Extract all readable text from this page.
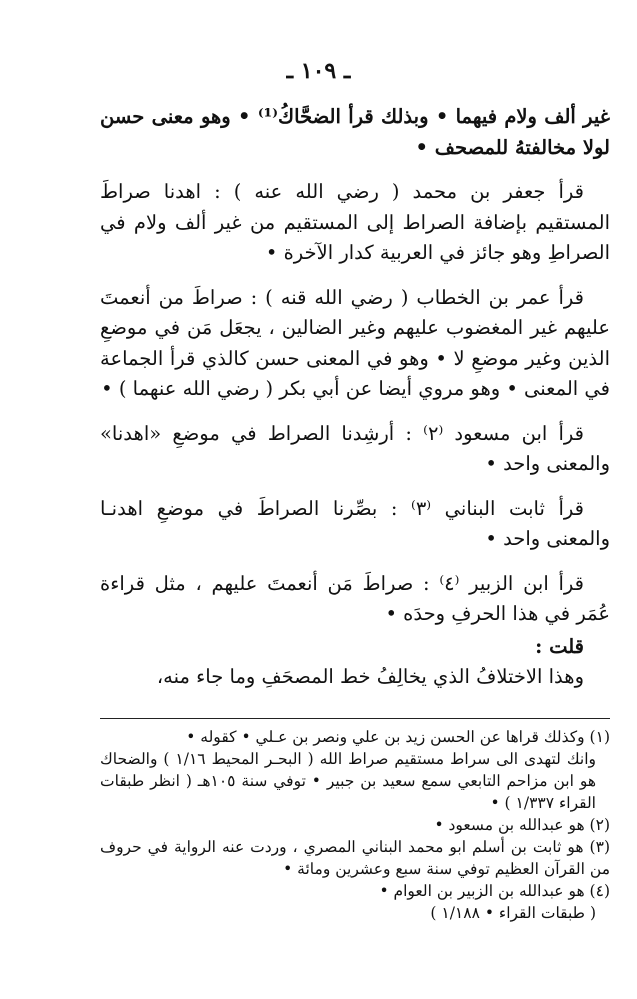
ـ ١٠٩ ـ

غير ألف ولام فيهما • وبذلك قرأ الضحَّاكُ⁽¹⁾ • وهو معنى حسن لولا مخالفتهُ للمصحف •

قرأ جعفر بن محمد ( رضي الله عنه ) : اهدنا صراطَ المستقيم بإضافة الصراط إلى المستقيم من غير ألف ولام في الصراطِ وهو جائز في العربية كدار الآخرة •

قرأ عمر بن الخطاب ( رضي الله قنه ) : صراطَ من أنعمتَ عليهم غير المغضوب عليهم وغير الضالين ، يجعَل مَن في موضعِ الذين وغير موضعِ لا • وهو في المعنى حسن كالذي قرأ الجماعة في المعنى • وهو مروي أيضا عن أبي بكر ( رضي الله عنهما ) •

قرأ ابن مسعود ⁽٢⁾ : أرشِدنا الصراط في موضعِ «اهدنا» والمعنى واحد •

قرأ ثابت البناني ⁽٣⁾ : بصِّرنا الصراطَ في موضعِ اهدنـا والمعنى واحد •

قرأ ابن الزبير ⁽٤⁾ : صراطَ مَن أنعمتَ عليهم ، مثل قراءة عُمَر في هذا الحرفِ وحدَه •

قلت :

وهذا الاختلافُ الذي يخالِفُ خط المصحَفِ وما جاء منه،

(١) وكذلك قراها عن الحسن زيد بن علي ونصر بن عـلي • كقوله •
وانك لتهدى الى سراط مستقيم صراط الله ( البحـر المحيط ١/١٦ ) والضحاك هو ابن مزاحم التابعي سمع سعيد بن جبير • توفي سنة ١٠٥هـ ( انظر طبقات القراء ١/٣٣٧ ) •
(٢) هو عبدالله بن مسعود •
(٣) هو ثابت بن أسلم ابو محمد البناني المصري ، وردت عنه الرواية في حروف من القرآن العظيم توفي سنة سبع وعشرين ومائة •
(٤) هو عبدالله بن الزبير بن العوام •
( طبقات القراء • ١/١٨٨ )
